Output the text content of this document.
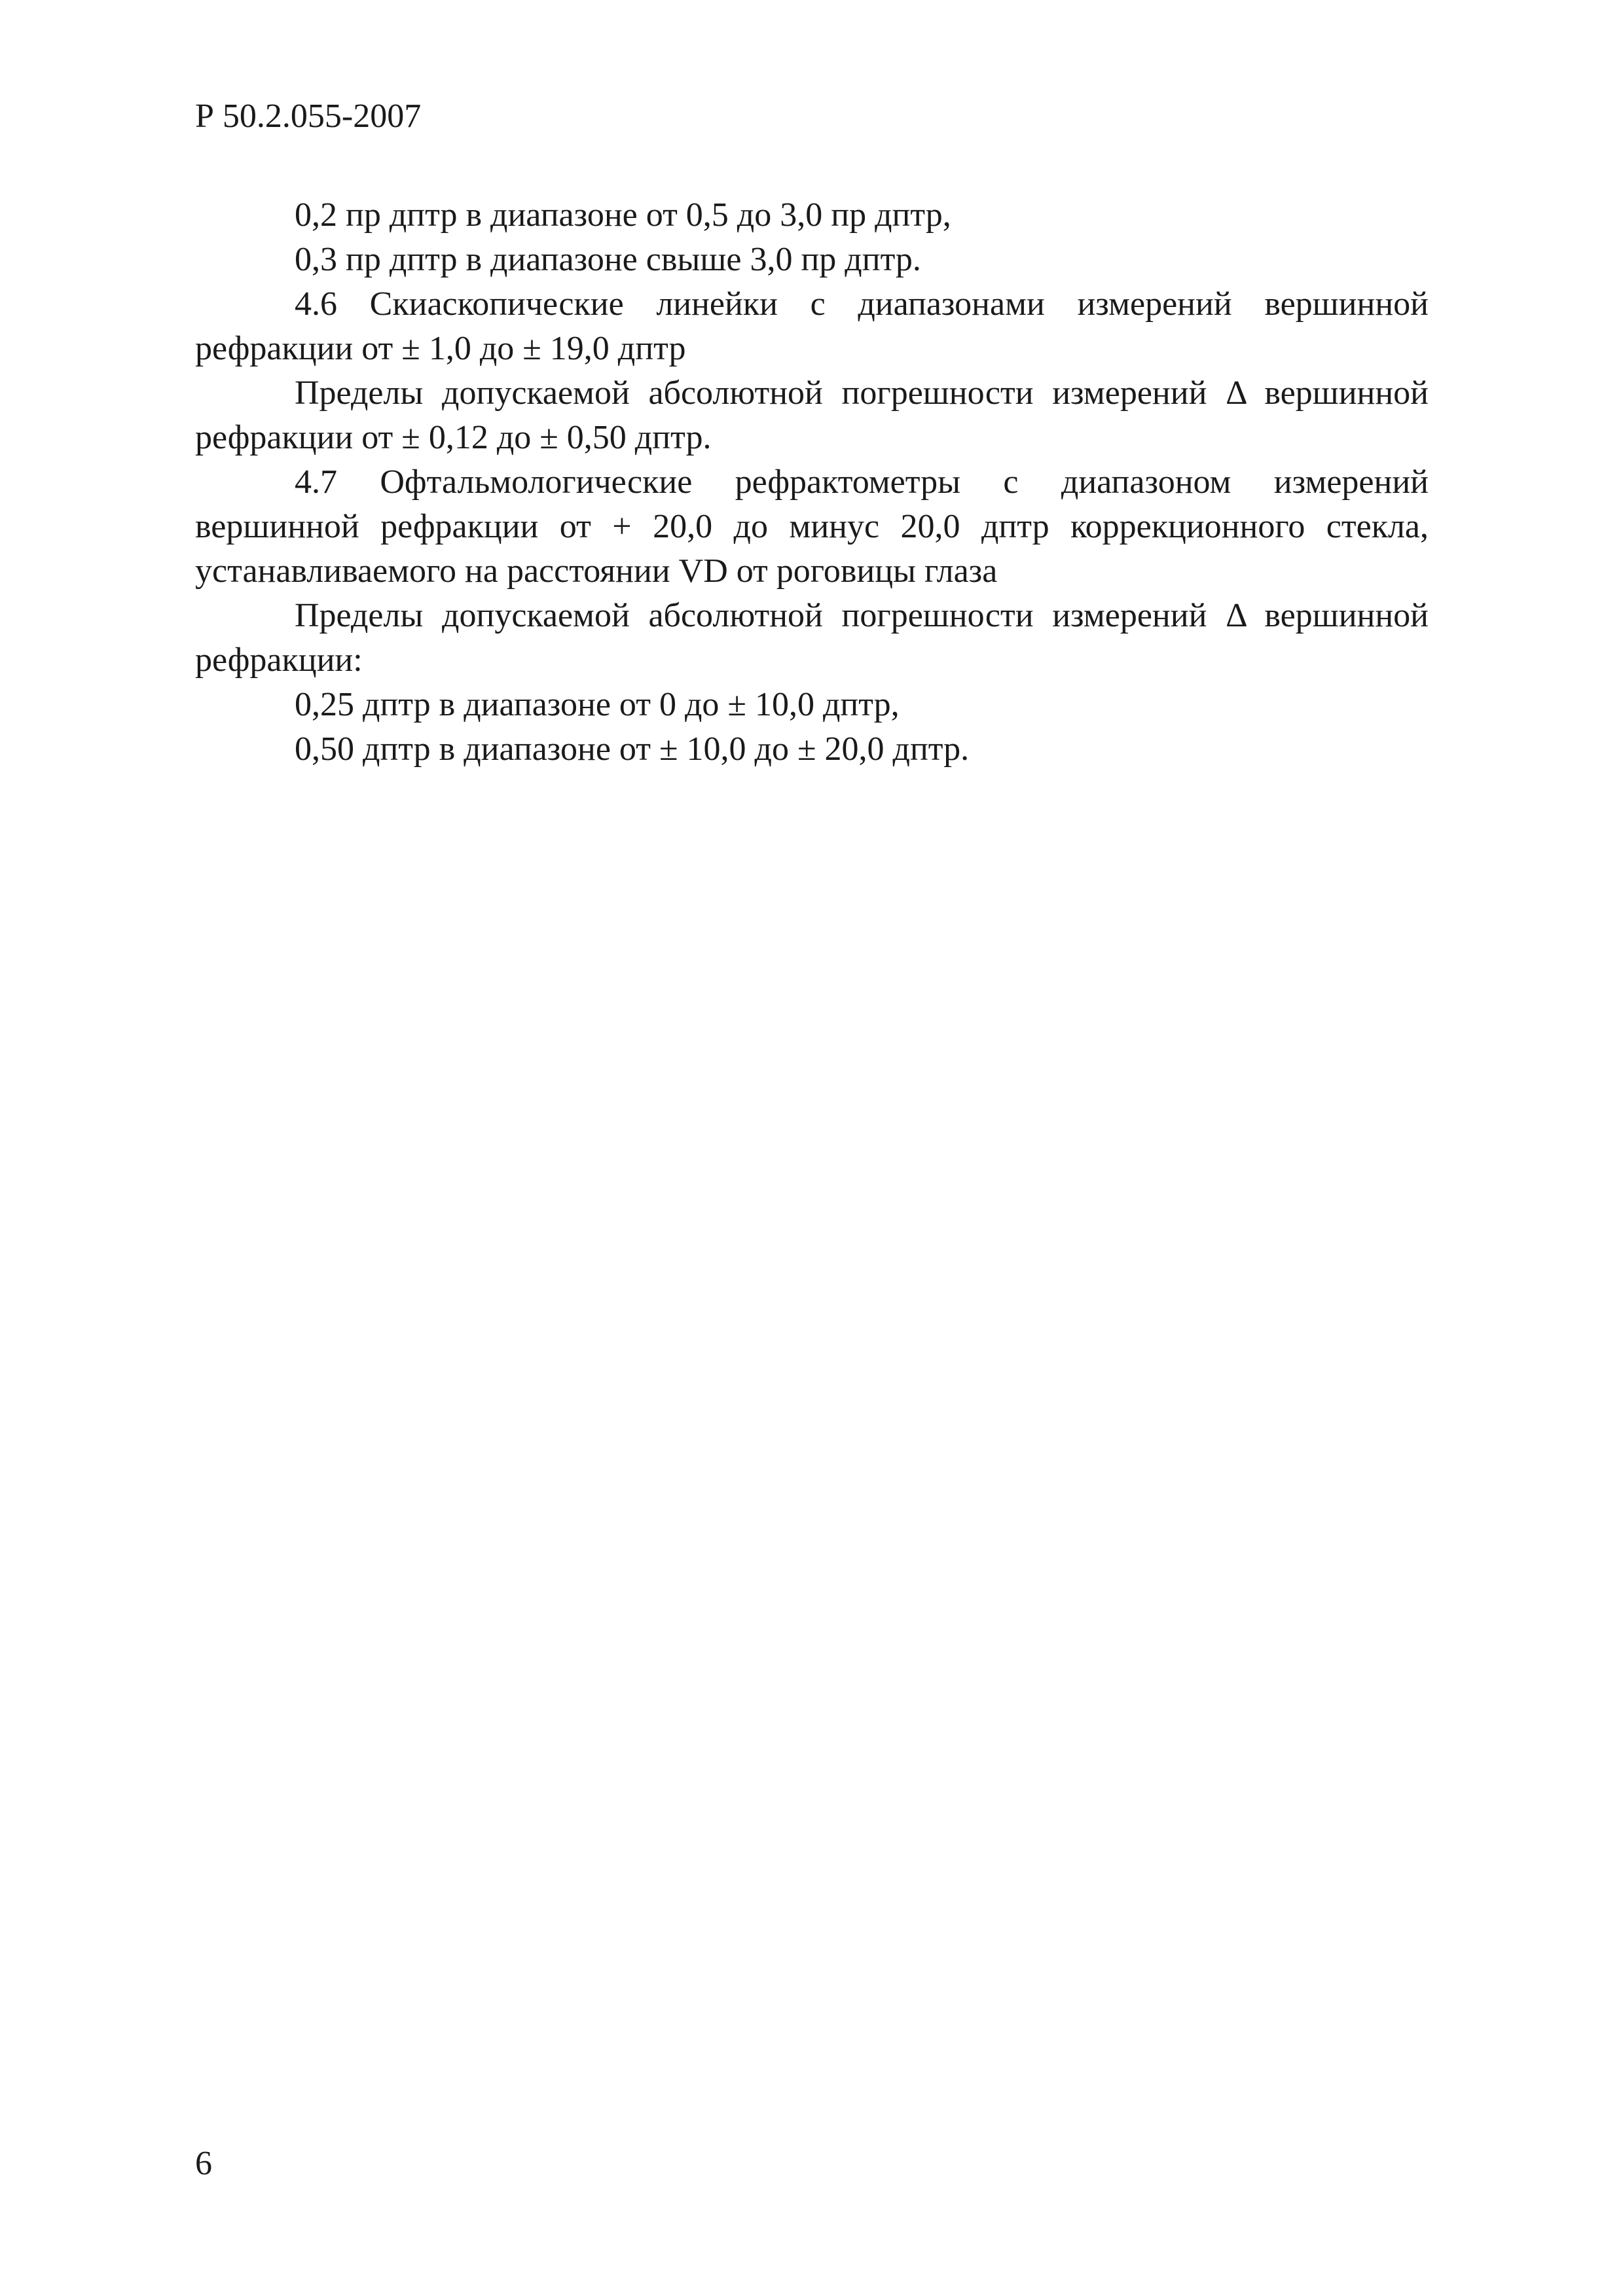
Р 50.2.055-2007

0,2 пр дптр в диапазоне от 0,5 до 3,0 пр дптр,

0,3 пр дптр в диапазоне свыше 3,0 пр дптр.

4.6 Скиаскопические линейки с диапазонами измерений вершинной рефракции от ± 1,0 до ± 19,0 дптр

Пределы допускаемой абсолютной погрешности измерений Δ вершинной рефракции от ± 0,12 до ± 0,50 дптр.

4.7 Офтальмологические рефрактометры с диапазоном измерений вершинной рефракции от + 20,0 до минус 20,0 дптр коррекционного стекла, устанавливаемого на расстоянии VD от роговицы глаза

Пределы допускаемой абсолютной погрешности измерений Δ вершинной рефракции:

0,25 дптр в диапазоне от 0 до ± 10,0 дптр,

0,50 дптр в диапазоне от ± 10,0 до ± 20,0 дптр.

6
